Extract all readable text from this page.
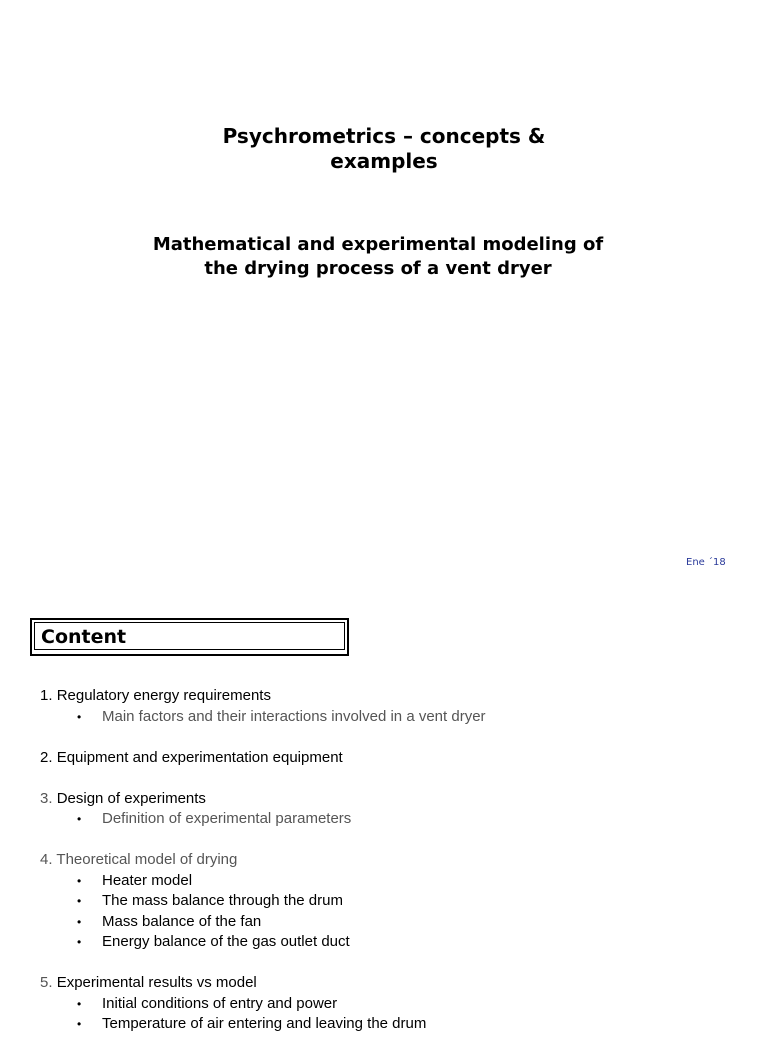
Psychrometrics – concepts &
examples
Mathematical and experimental modeling of
the drying process of a vent dryer
Ene ´18
Content
1. Regulatory energy requirements
• Main factors and their interactions involved in a vent dryer
2. Equipment and experimentation equipment
3. Design of experiments
• Definition of experimental parameters
4. Theoretical model of drying
• Heater model
• The mass balance through the drum
• Mass balance of the fan
• Energy balance of the gas outlet duct
5. Experimental results vs model
• Initial conditions of entry and power
• Temperature of air entering and leaving the drum
